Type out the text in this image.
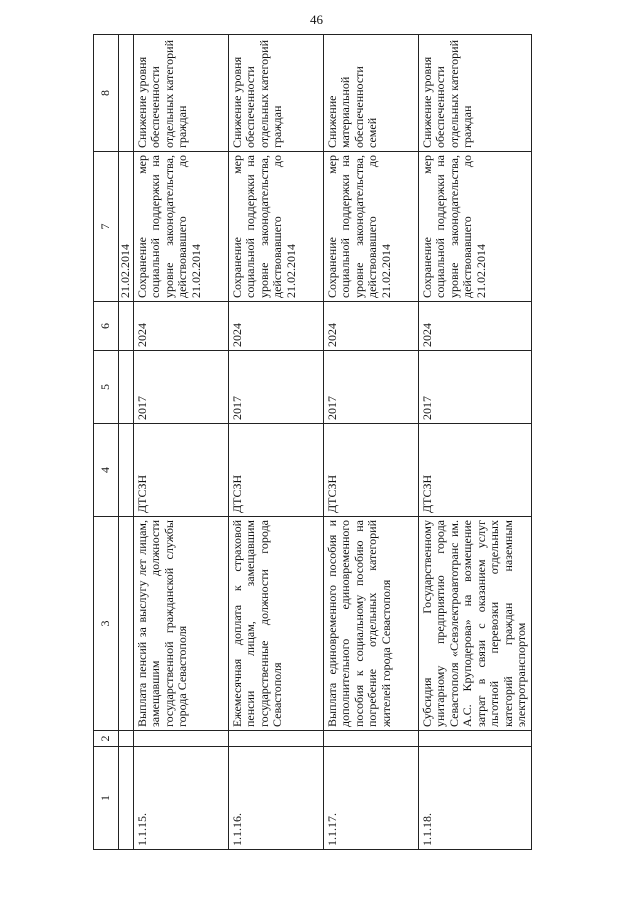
46
1	2	3	4	5	6	7	8
						21.02.2014	
1.1.15.		Выплата пенсий за выслугу лет лицам, замещавшим должности государственной гражданской службы города Севастополя	ДТСЗН	2017	2024	Сохранение мер социальной поддержки на уровне законодательства, действовавшего до 21.02.2014	Снижение уровня обеспеченности отдельных категорий граждан
1.1.16.		Ежемесячная доплата к страховой пенсии лицам, замещавшим государственные должности города Севастополя	ДТСЗН	2017	2024	Сохранение мер социальной поддержки на уровне законодательства, действовавшего до 21.02.2014	Снижение уровня обеспеченности отдельных категорий граждан
1.1.17.		Выплата единовременного пособия и дополнительного единовременного пособия к социальному пособию на погребение отдельных категорий жителей города Севастополя	ДТСЗН	2017	2024	Сохранение мер социальной поддержки на уровне законодательства, действовавшего до 21.02.2014	Снижение материальной обеспеченности семей
1.1.18.		Субсидия Государственному унитарному предприятию города Севастополя «Севэлектроавтотранс им. А.С. Круподерова» на возмещение затрат в связи с оказанием услуг льготной перевозки отдельных категорий граждан наземным электротранспортом	ДТСЗН	2017	2024	Сохранение мер социальной поддержки на уровне законодательства, действовавшего до 21.02.2014	Снижение уровня обеспеченности отдельных категорий граждан
